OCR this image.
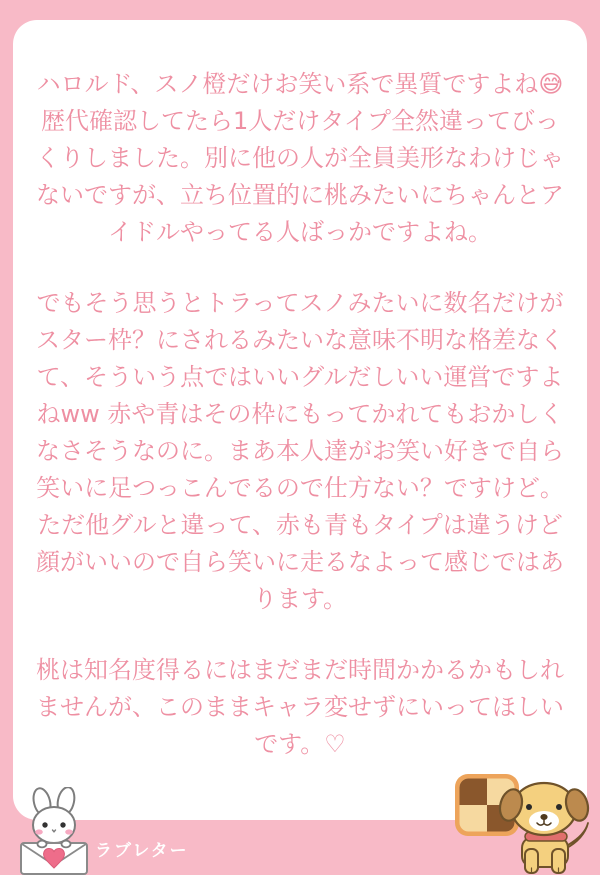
ハロルド、スノ橙だけお笑い系で異質ですよね😅歴代確認してたら1人だけタイプ全然違ってびっくりしました。別に他の人が全員美形なわけじゃないですが、立ち位置的に桃みたいにちゃんとアイドルやってる人ばっかですよね。

でもそう思うとトラってスノみたいに数名だけがスター枠？にされるみたいな意味不明な格差なくて、そういう点ではいいグルだしいい運営ですよねww 赤や青はその枠にもってかれてもおかしくなさそうなのに。まあ本人達がお笑い好きで自ら笑いに足つっこんでるので仕方ない？ですけど。ただ他グルと違って、赤も青もタイプは違うけど顔がいいので自ら笑いに走るなよって感じではあります。

桃は知名度得るにはまだまだ時間かかるかもしれませんが、このままキャラ変せずにいってほしいです。♡

ラブレター
